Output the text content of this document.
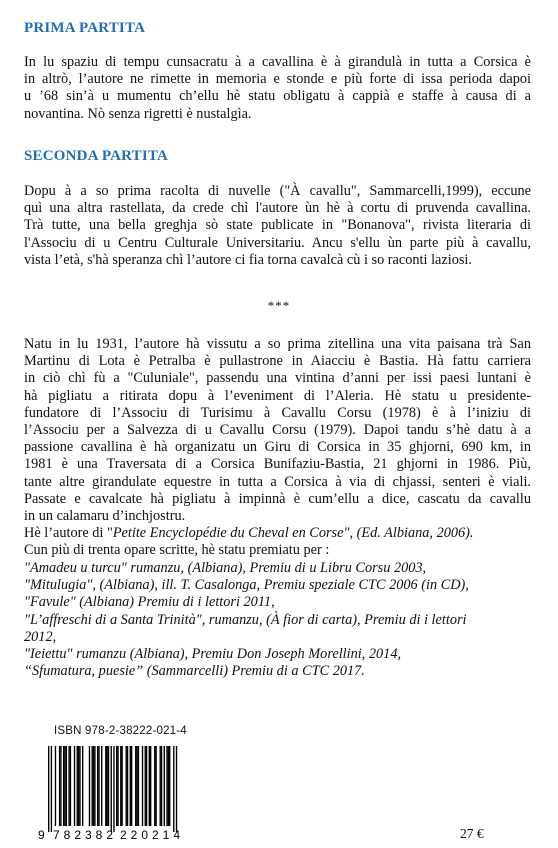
PRIMA PARTITA
In lu spaziu di tempu cunsacratu à a cavallina è à girandulà in tutta a Corsica è
in altrò, l’autore ne rimette in memoria e stonde e più forte di issa perioda dapoi
u ’68 sin’à u mumentu ch’ellu hè statu obligatu à cappià e staffe à causa di a
novantina. Nò senza rigretti è nustalgìa.
SECONDA PARTITA
Dopu à a so prima racolta di nuvelle ("À cavallu", Sammarcelli,1999), eccune
quì una altra rastellata, da crede chì l'autore ùn hè à cortu di pruvenda cavallina.
Trà tutte, una bella greghja sò state publicate in "Bonanova", rivista literaria di
l'Associu di u Centru Culturale Universitariu. Ancu s'ellu ùn parte più à cavallu,
vista l’età, s'hà speranza chì l’autore ci fia torna cavalcà cù i so raconti laziosi.
***
Natu in lu 1931, l’autore hà vissutu a so prima zitellina una vita paisana trà San
Martinu di Lota è Petralba è pullastrone in Aiacciu è Bastia. Hà fattu carriera
in ciò chì fù a "Culuniale", passendu una vintina d’anni per issi paesi luntani è
hà pigliatu a ritirata dopu à l’eveniment di l’Aleria. Hè statu u presidente-
fundatore di l’Associu di Turisimu à Cavallu Corsu (1978) è à l’iniziu di
l’Associu per a Salvezza di u Cavallu Corsu (1979). Dapoi tandu s’hè datu à a
passione cavallina è hà organizatu un Giru di Corsica in 35 ghjorni, 690 km, in
1981 è una Traversata di a Corsica Bunifaziu-Bastia, 21 ghjorni in 1986. Più,
tante altre girandulate equestre in tutta a Corsica à via di chjassi, senteri è viali.
Passate e cavalcate hà pigliatu à impinnà è cum’ellu a dice, cascatu da cavallu
in un calamaru d’inchjostru.
Hè l’autore di "Petite Encyclopédie du Cheval en Corse", (Ed. Albiana, 2006).
Cun più di trenta opare scritte, hè statu premiatu per :
"Amadeu u turcu" rumanzu, (Albiana), Premiu di u Libru Corsu 2003,
"Mitulugia", (Albiana), ill. T. Casalonga, Premiu speziale CTC 2006 (in CD),
"Favule" (Albiana) Premiu di i lettori 2011,
"L’affreschi di a Santa Trinità", rumanzu, (À fior di carta), Premiu di i lettori
2012,
"Ieiettu" rumanzu (Albiana), Premiu Don Joseph Morellini, 2014,
“Sfumatura, puesie” (Sammarcelli) Premiu di a CTC 2017.
ISBN 978-2-38222-021-4
9 782382 220214	27 €
